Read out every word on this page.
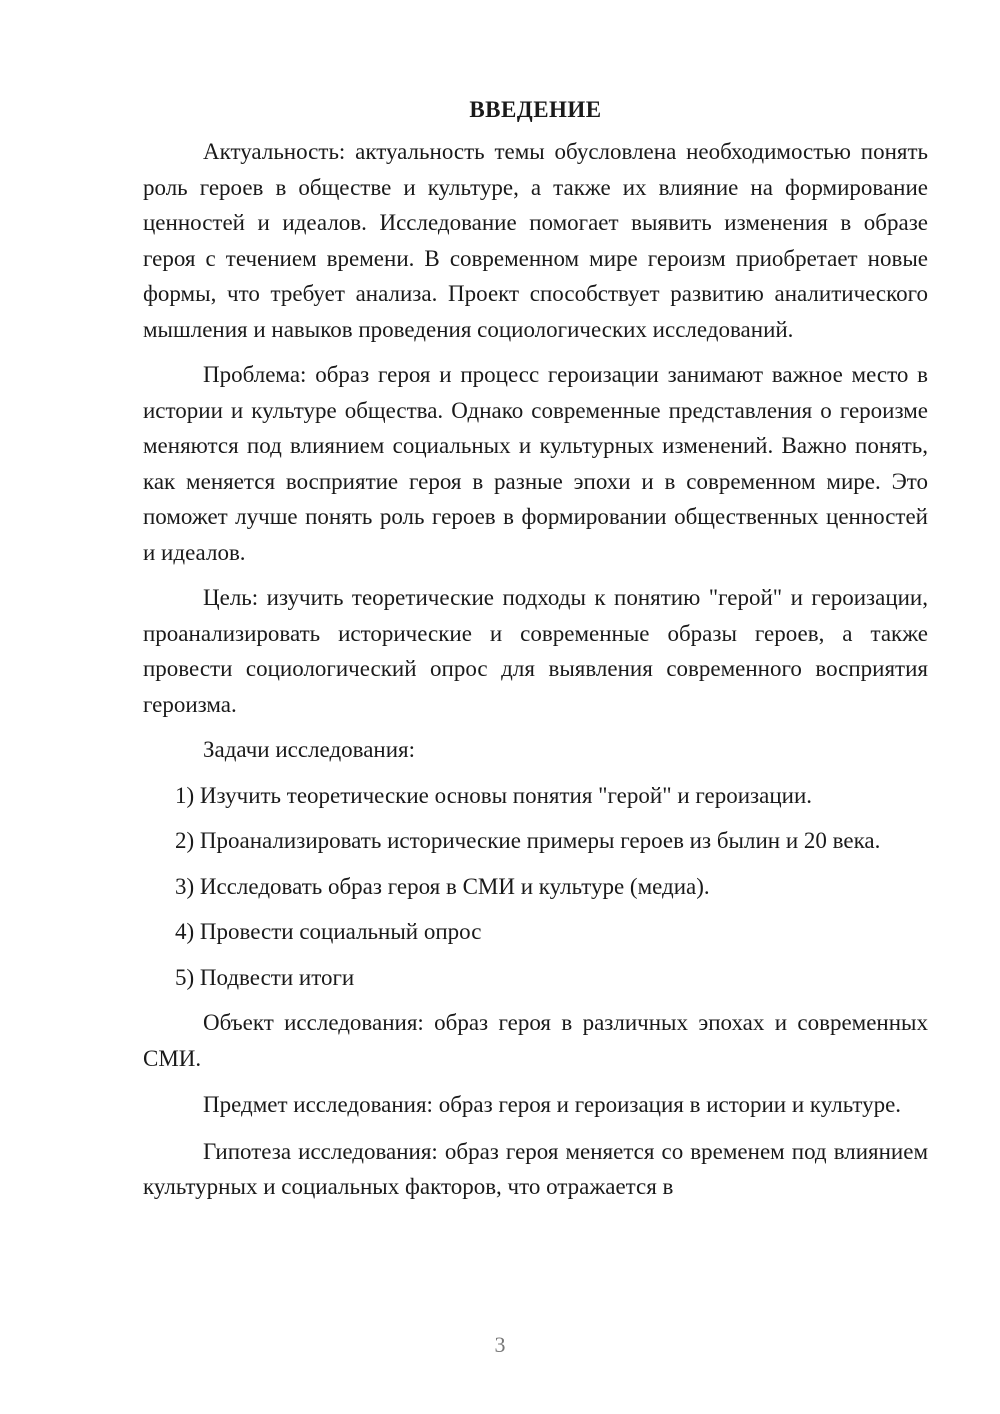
ВВЕДЕНИЕ

Актуальность: актуальность темы обусловлена необходимостью понять роль героев в обществе и культуре, а также их влияние на формирование ценностей и идеалов. Исследование помогает выявить изменения в образе героя с течением времени. В современном мире героизм приобретает новые формы, что требует анализа. Проект способствует развитию аналитического мышления и навыков проведения социологических исследований.

Проблема: образ героя и процесс героизации занимают важное место в истории и культуре общества. Однако современные представления о героизме меняются под влиянием социальных и культурных изменений. Важно понять, как меняется восприятие героя в разные эпохи и в современном мире. Это поможет лучше понять роль героев в формировании общественных ценностей и идеалов.

Цель: изучить теоретические подходы к понятию "герой" и героизации, проанализировать исторические и современные образы героев, а также провести социологический опрос для выявления современного восприятия героизма.

Задачи исследования:

1) Изучить теоретические основы понятия "герой" и героизации.

2) Проанализировать исторические примеры героев из былин и 20 века.

3) Исследовать образ героя в СМИ и культуре (медиа).

4) Провести социальный опрос

5) Подвести итоги

Объект исследования: образ героя в различных эпохах и современных СМИ.

Предмет исследования: образ героя и героизация в истории и культуре.

Гипотеза исследования: образ героя меняется со временем под влиянием культурных и социальных факторов, что отражается в

3
